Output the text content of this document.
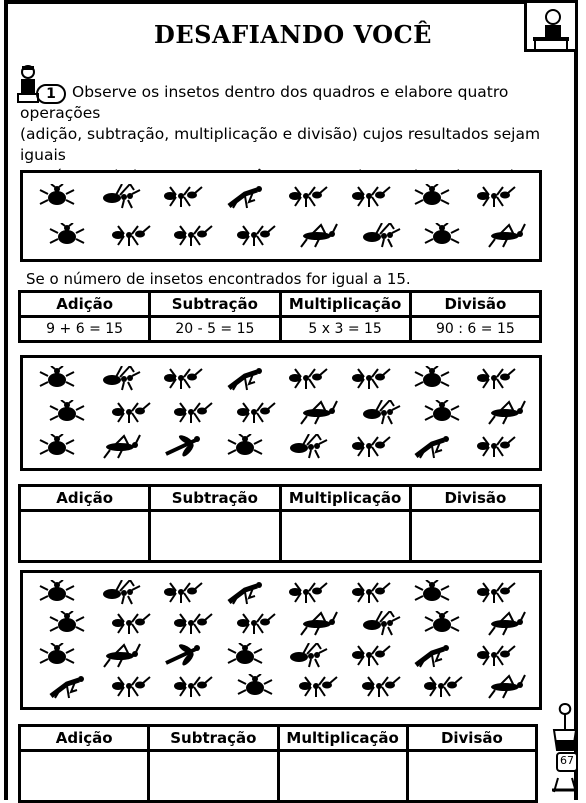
DESAFIANDO VOCÊ
1	Observe os insetos dentro dos quadros e elabore quatro operações
(adição, subtração, multiplicação e divisão) cujos resultados sejam iguais
Se o número de insetos encontrados for igual a 15.
Adição	Subtração	Multiplicação	Divisão
9 + 6 = 15	20 - 5 = 15	5 x 3 = 15	90 : 6 = 15
Adição	Subtração	Multiplicação	Divisão

Adição	Subtração	Multiplicação	Divisão

67
